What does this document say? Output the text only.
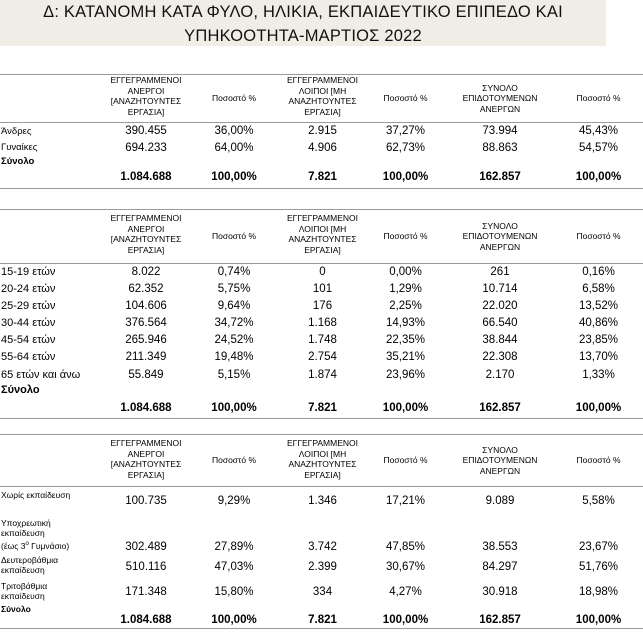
Δ: ΚΑΤΑΝΟΜΗ ΚΑΤΑ ΦΥΛΟ, ΗΛΙΚΙΑ, ΕΚΠΑΙΔΕΥΤΙΚΟ ΕΠΙΠΕΔΟ ΚΑΙ
ΥΠΗΚΟΟΤΗΤΑ-ΜΑΡΤΙΟΣ 2022
	ΕΓΓΕΓΡΑΜΜΕΝΟΙ
ΑΝΕΡΓΟΙ
[ΑΝΑΖΗΤΟΥΝΤΕΣ
ΕΡΓΑΣΙΑ]	Ποσοστό %	ΕΓΓΕΓΡΑΜΜΕΝΟΙ
ΛΟΙΠΟΙ [ΜΗ
ΑΝΑΖΗΤΟΥΝΤΕΣ
ΕΡΓΑΣΙΑ]	Ποσοστό %	ΣΥΝΟΛΟ
ΕΠΙΔΟΤΟΥΜΕΝΩΝ
ΑΝΕΡΓΩΝ	Ποσοστό %
Άνδρες	390.455	36,00%	2.915	37,27%	73.994	45,43%
Γυναίκες	694.233	64,00%	4.906	62,73%	88.863	54,57%
Σύνολο						
	1.084.688	100,00%	7.821	100,00%	162.857	100,00%
	ΕΓΓΕΓΡΑΜΜΕΝΟΙ
ΑΝΕΡΓΟΙ
[ΑΝΑΖΗΤΟΥΝΤΕΣ
ΕΡΓΑΣΙΑ]	Ποσοστό %	ΕΓΓΕΓΡΑΜΜΕΝΟΙ
ΛΟΙΠΟΙ [ΜΗ
ΑΝΑΖΗΤΟΥΝΤΕΣ
ΕΡΓΑΣΙΑ]	Ποσοστό %	ΣΥΝΟΛΟ
ΕΠΙΔΟΤΟΥΜΕΝΩΝ
ΑΝΕΡΓΩΝ	Ποσοστό %
15-19 ετών	8.022	0,74%	0	0,00%	261	0,16%
20-24 ετών	62.352	5,75%	101	1,29%	10.714	6,58%
25-29 ετών	104.606	9,64%	176	2,25%	22.020	13,52%
30-44 ετών	376.564	34,72%	1.168	14,93%	66.540	40,86%
45-54 ετών	265.946	24,52%	1.748	22,35%	38.844	23,85%
55-64 ετών	211.349	19,48%	2.754	35,21%	22.308	13,70%
65 ετών και άνω	55.849	5,15%	1.874	23,96%	2.170	1,33%
Σύνολο						
	1.084.688	100,00%	7.821	100,00%	162.857	100,00%
	ΕΓΓΕΓΡΑΜΜΕΝΟΙ
ΑΝΕΡΓΟΙ
[ΑΝΑΖΗΤΟΥΝΤΕΣ
ΕΡΓΑΣΙΑ]	Ποσοστό %	ΕΓΓΕΓΡΑΜΜΕΝΟΙ
ΛΟΙΠΟΙ [ΜΗ
ΑΝΑΖΗΤΟΥΝΤΕΣ
ΕΡΓΑΣΙΑ]	Ποσοστό %	ΣΥΝΟΛΟ
ΕΠΙΔΟΤΟΥΜΕΝΩΝ
ΑΝΕΡΓΩΝ	Ποσοστό %
Χωρίς εκπαίδευση	100.735	9,29%	1.346	17,21%	9.089	5,58%
Υποχρεωτική
εκπαίδευση
(έως $3^o$ Γυμνάσιο)	302.489	27,89%	3.742	47,85%	38.553	23,67%
Δευτεροβάθμια
εκπαίδευση	510.116	47,03%	2.399	30,67%	84.297	51,76%
Τριτοβάθμια
εκπαίδευση	171.348	15,80%	334	4,27%	30.918	18,98%
Σύνολο						
	1.084.688	100,00%	7.821	100,00%	162.857	100,00%
